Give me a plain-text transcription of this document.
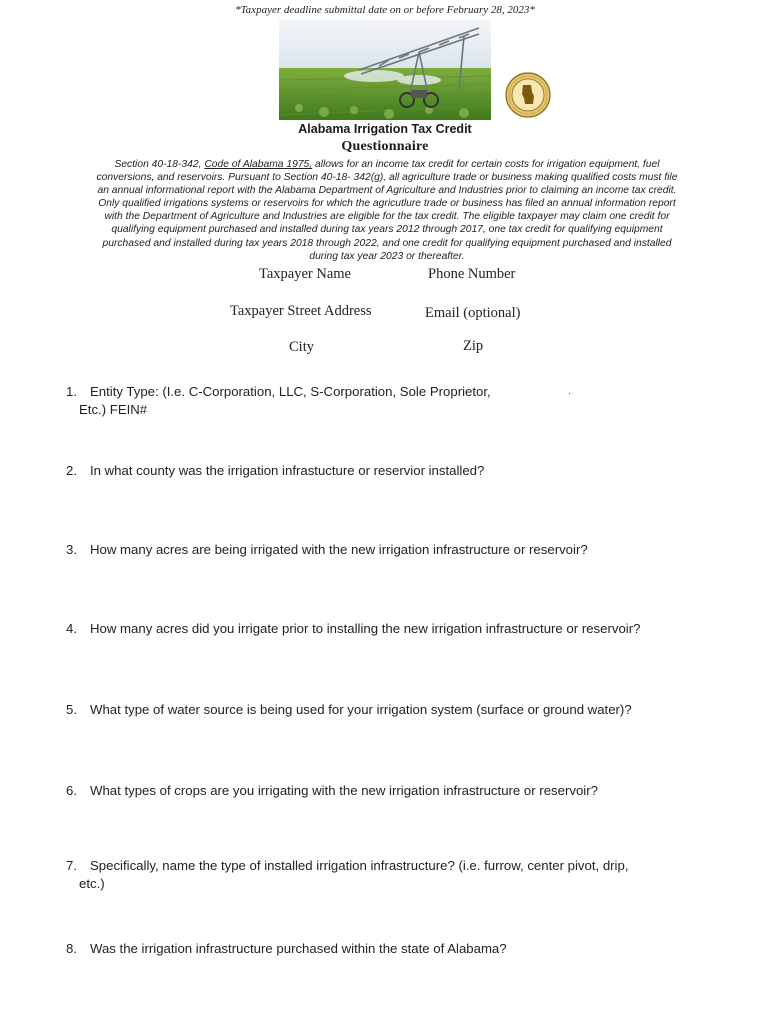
*Taxpayer deadline submittal date on or before February 28, 2023*
Alabama Irrigation Tax Credit
Questionnaire
Section 40-18-342, Code of Alabama 1975, allows for an income tax credit for certain costs for irrigation equipment, fuel conversions, and reservoirs. Pursuant to Section 40-18- 342(g), all agriculture trade or business making qualified costs must file an annual informational report with the Alabama Department of Agriculture and Industries prior to claiming an income tax credit. Only qualified irrigations systems or reservoirs for which the agricutlure trade or business has filed an annual information report with the Department of Agriculture and Industries are eligible for the tax credit. The eligible taxpayer may claim one credit for qualifying equipment purchased and installed during tax years 2012 through 2017, one tax credit for qualifying equipment purchased and installed during tax years 2018 through 2022, and one credit for qualifying equipment purchased and installed during tax year 2023 or thereafter.
Taxpayer Name	Phone Number
Taxpayer Street Address	Email (optional)
City	Zip
1. Entity Type: (I.e. C-Corporation, LLC, S-Corporation, Sole Proprietor,
Etc.) FEIN#
.
2. In what county was the irrigation infrastucture or reservior installed?
3. How many acres are being irrigated with the new irrigation infrastructure or reservoir?
4. How many acres did you irrigate prior to installing the new irrigation infrastructure or reservoir?
5. What type of water source is being used for your irrigation system (surface or ground water)?
6. What types of crops are you irrigating with the new irrigation infrastructure or reservoir?
7. Specifically, name the type of installed irrigation infrastructure? (i.e. furrow, center pivot, drip,
etc.)
8. Was the irrigation infrastructure purchased within the state of Alabama?
